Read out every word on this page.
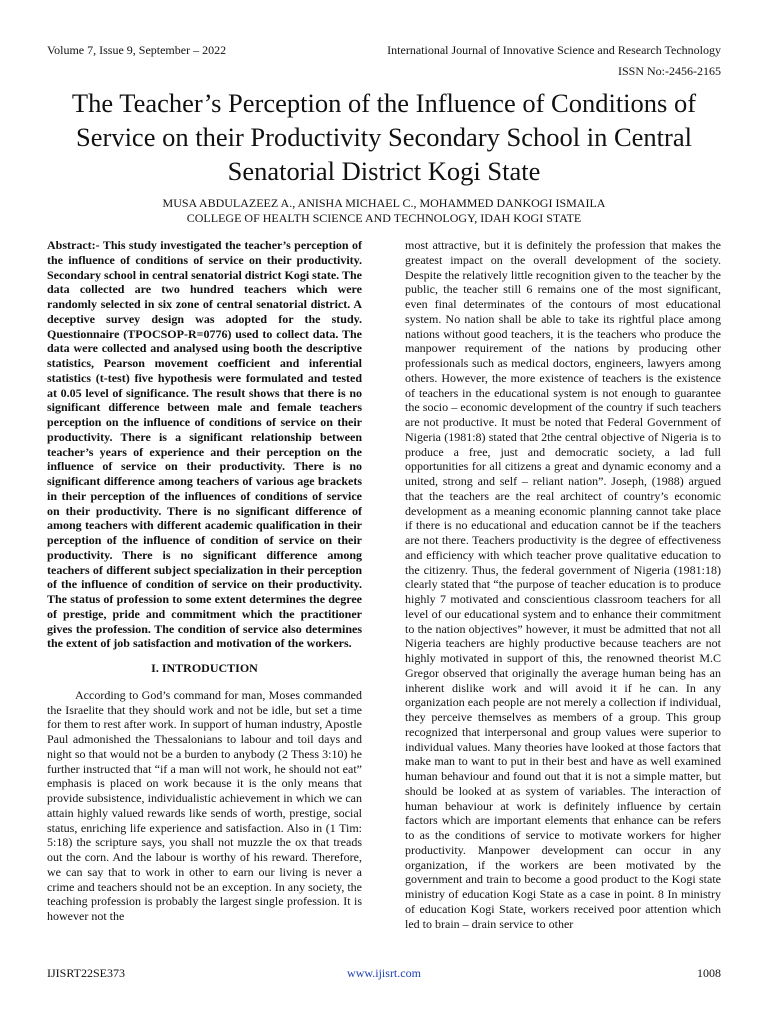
Volume 7, Issue 9, September – 2022	International Journal of Innovative Science and Research Technology
ISSN No:-2456-2165
The Teacher’s Perception of the Influence of Conditions of Service on their Productivity Secondary School in Central Senatorial District Kogi State
MUSA ABDULAZEEZ A., ANISHA MICHAEL C., MOHAMMED DANKOGI ISMAILA
COLLEGE OF HEALTH SCIENCE AND TECHNOLOGY, IDAH KOGI STATE

Abstract:- This study investigated the teacher’s perception of the influence of conditions of service on their productivity. Secondary school in central senatorial district Kogi state. The data collected are two hundred teachers which were randomly selected in six zone of central senatorial district. A deceptive survey design was adopted for the study. Questionnaire (TPOCSOP-R=0776) used to collect data. The data were collected and analysed using booth the descriptive statistics, Pearson movement coefficient and inferential statistics (t-test) five hypothesis were formulated and tested at 0.05 level of significance. The result shows that there is no significant difference between male and female teachers perception on the influence of conditions of service on their productivity. There is a significant relationship between teacher’s years of experience and their perception on the influence of service on their productivity. There is no significant difference among teachers of various age brackets in their perception of the influences of conditions of service on their productivity. There is no significant difference of among teachers with different academic qualification in their perception of the influence of condition of service on their productivity. There is no significant difference among teachers of different subject specialization in their perception of the influence of condition of service on their productivity. The status of profession to some extent determines the degree of prestige, pride and commitment which the practitioner gives the profession. The condition of service also determines the extent of job satisfaction and motivation of the workers.

I. INTRODUCTION

According to God’s command for man, Moses commanded the Israelite that they should work and not be idle, but set a time for them to rest after work. In support of human industry, Apostle Paul admonished the Thessalonians to labour and toil days and night so that would not be a burden to anybody (2 Thess 3:10) he further instructed that “if a man will not work, he should not eat” emphasis is placed on work because it is the only means that provide subsistence, individualistic achievement in which we can attain highly valued rewards like sends of worth, prestige, social status, enriching life experience and satisfaction. Also in (1 Tim: 5:18) the scripture says, you shall not muzzle the ox that treads out the corn. And the labour is worthy of his reward. Therefore, we can say that to work in other to earn our living is never a crime and teachers should not be an exception. In any society, the teaching profession is probably the largest single profession. It is however not the

most attractive, but it is definitely the profession that makes the greatest impact on the overall development of the society. Despite the relatively little recognition given to the teacher by the public, the teacher still 6 remains one of the most significant, even final determinates of the contours of most educational system. No nation shall be able to take its rightful place among nations without good teachers, it is the teachers who produce the manpower requirement of the nations by producing other professionals such as medical doctors, engineers, lawyers among others. However, the more existence of teachers is the existence of teachers in the educational system is not enough to guarantee the socio – economic development of the country if such teachers are not productive. It must be noted that Federal Government of Nigeria (1981:8) stated that 2the central objective of Nigeria is to produce a free, just and democratic society, a lad full opportunities for all citizens a great and dynamic economy and a united, strong and self – reliant nation”. Joseph, (1988) argued that the teachers are the real architect of country’s economic development as a meaning economic planning cannot take place if there is no educational and education cannot be if the teachers are not there. Teachers productivity is the degree of effectiveness and efficiency with which teacher prove qualitative education to the citizenry. Thus, the federal government of Nigeria (1981:18) clearly stated that “the purpose of teacher education is to produce highly 7 motivated and conscientious classroom teachers for all level of our educational system and to enhance their commitment to the nation objectives” however, it must be admitted that not all Nigeria teachers are highly productive because teachers are not highly motivated in support of this, the renowned theorist M.C Gregor observed that originally the average human being has an inherent dislike work and will avoid it if he can. In any organization each people are not merely a collection if individual, they perceive themselves as members of a group. This group recognized that interpersonal and group values were superior to individual values. Many theories have looked at those factors that make man to want to put in their best and have as well examined human behaviour and found out that it is not a simple matter, but should be looked at as system of variables. The interaction of human behaviour at work is definitely influence by certain factors which are important elements that enhance can be refers to as the conditions of service to motivate workers for higher productivity. Manpower development can occur in any organization, if the workers are been motivated by the government and train to become a good product to the Kogi state ministry of education Kogi State as a case in point. 8 In ministry of education Kogi State, workers received poor attention which led to brain – drain service to other

IJISRT22SE373	www.ijisrt.com	1008
